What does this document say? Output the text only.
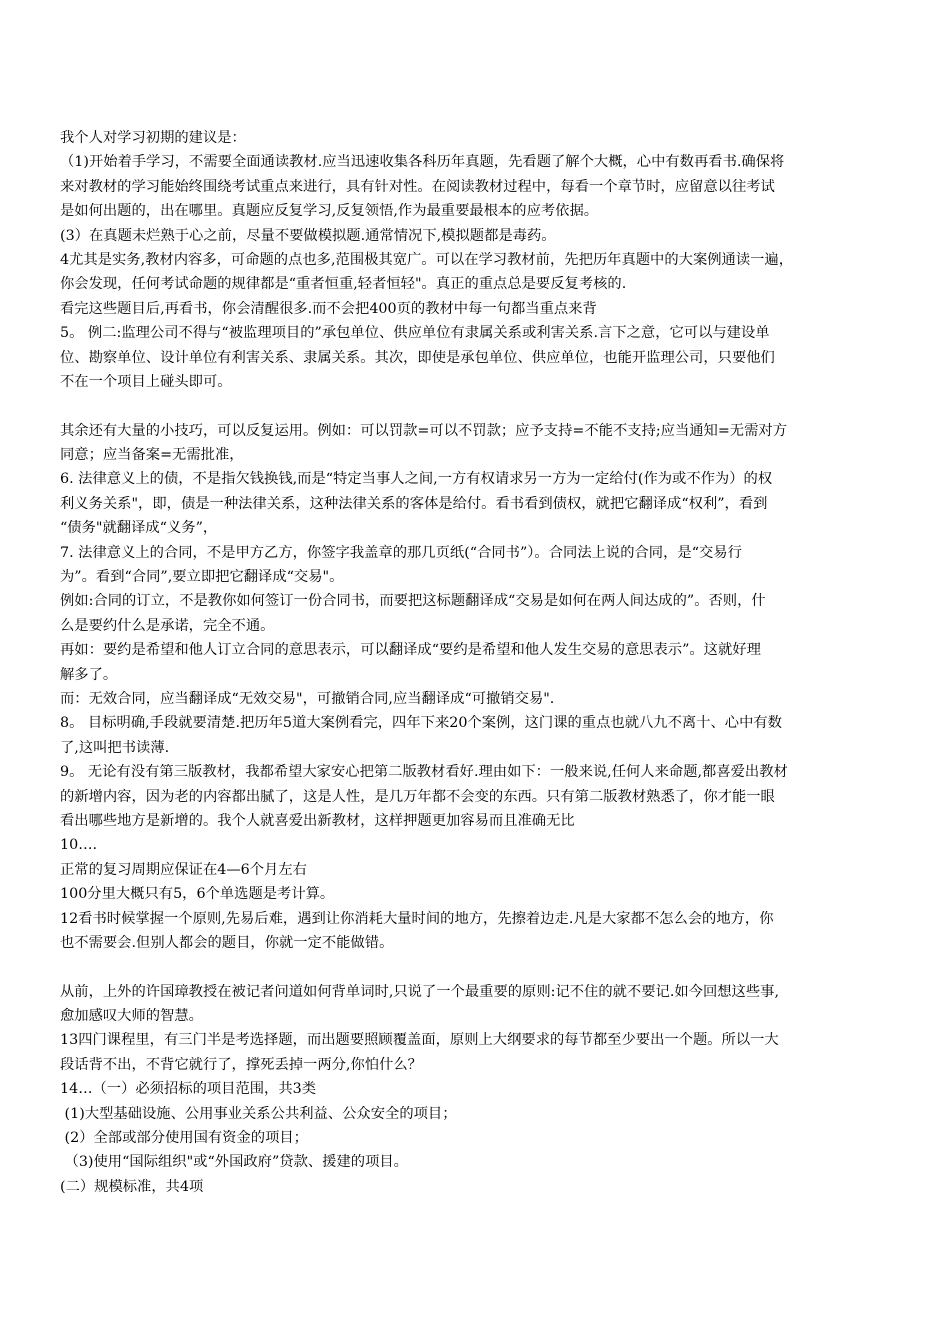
我个人对学习初期的建议是：
（1)开始着手学习，不需要全面通读教材.应当迅速收集各科历年真题，先看题了解个大概，心中有数再看书.确保将
来对教材的学习能始终围绕考试重点来进行，具有针对性。在阅读教材过程中，每看一个章节时，应留意以往考试
是如何出题的，出在哪里。真题应反复学习,反复领悟,作为最重要最根本的应考依据。
(3）在真题未烂熟于心之前，尽量不要做模拟题.通常情况下,模拟题都是毒药。
4尤其是实务,教材内容多，可命题的点也多,范围极其宽广。可以在学习教材前，先把历年真题中的大案例通读一遍，
你会发现，任何考试命题的规律都是“重者恒重,轻者恒轻"。真正的重点总是要反复考核的.
看完这些题目后,再看书，你会清醒很多.而不会把400页的教材中每一句都当重点来背
5。 例二:监理公司不得与“被监理项目的”承包单位、供应单位有隶属关系或利害关系.言下之意，它可以与建设单
位、勘察单位、设计单位有利害关系、隶属关系。其次，即使是承包单位、供应单位，也能开监理公司，只要他们
不在一个项目上碰头即可。
其余还有大量的小技巧，可以反复运用。例如：可以罚款=可以不罚款；应予支持=不能不支持;应当通知=无需对方
同意；应当备案=无需批准，
6. 法律意义上的债，不是指欠钱换钱,而是“特定当事人之间,一方有权请求另一方为一定给付(作为或不作为）的权
利义务关系"，即，债是一种法律关系，这种法律关系的客体是给付。看书看到债权，就把它翻译成“权利”，看到
“债务"就翻译成“义务”，
7. 法律意义上的合同，不是甲方乙方，你签字我盖章的那几页纸(“合同书”）。合同法上说的合同，是“交易行
为”。看到“合同”,要立即把它翻译成“交易"。
例如:合同的订立，不是教你如何签订一份合同书，而要把这标题翻译成“交易是如何在两人间达成的”。否则，什
么是要约什么是承诺，完全不通。
再如：要约是希望和他人订立合同的意思表示，可以翻译成“要约是希望和他人发生交易的意思表示”。这就好理
解多了。
而：无效合同，应当翻译成“无效交易"，可撤销合同,应当翻译成“可撤销交易".
8。 目标明确,手段就要清楚.把历年5道大案例看完，四年下来20个案例，这门课的重点也就八九不离十、心中有数
了,这叫把书读薄.
9。 无论有没有第三版教材，我都希望大家安心把第二版教材看好.理由如下：一般来说,任何人来命题,都喜爱出教材
的新增内容，因为老的内容都出腻了，这是人性，是几万年都不会变的东西。只有第二版教材熟悉了，你才能一眼
看出哪些地方是新增的。我个人就喜爱出新教材，这样押题更加容易而且准确无比
10….
正常的复习周期应保证在4—6个月左右
100分里大概只有5，6个单选题是考计算。
12看书时候掌握一个原则,先易后难，遇到让你消耗大量时间的地方，先擦着边走.凡是大家都不怎么会的地方，你
也不需要会.但别人都会的题目，你就一定不能做错。
从前，上外的许国璋教授在被记者问道如何背单词时,只说了一个最重要的原则:记不住的就不要记.如今回想这些事,
愈加感叹大师的智慧。
13四门课程里，有三门半是考选择题，而出题要照顾覆盖面，原则上大纲要求的每节都至少要出一个题。所以一大
段话背不出，不背它就行了，撑死丢掉一两分,你怕什么？
14…（一）必须招标的项目范围，共3类
(1)大型基础设施、公用事业关系公共利益、公众安全的项目；
(2）全部或部分使用国有资金的项目；
（3)使用“国际组织"或“外国政府”贷款、援建的项目。
(二）规模标准，共4项
